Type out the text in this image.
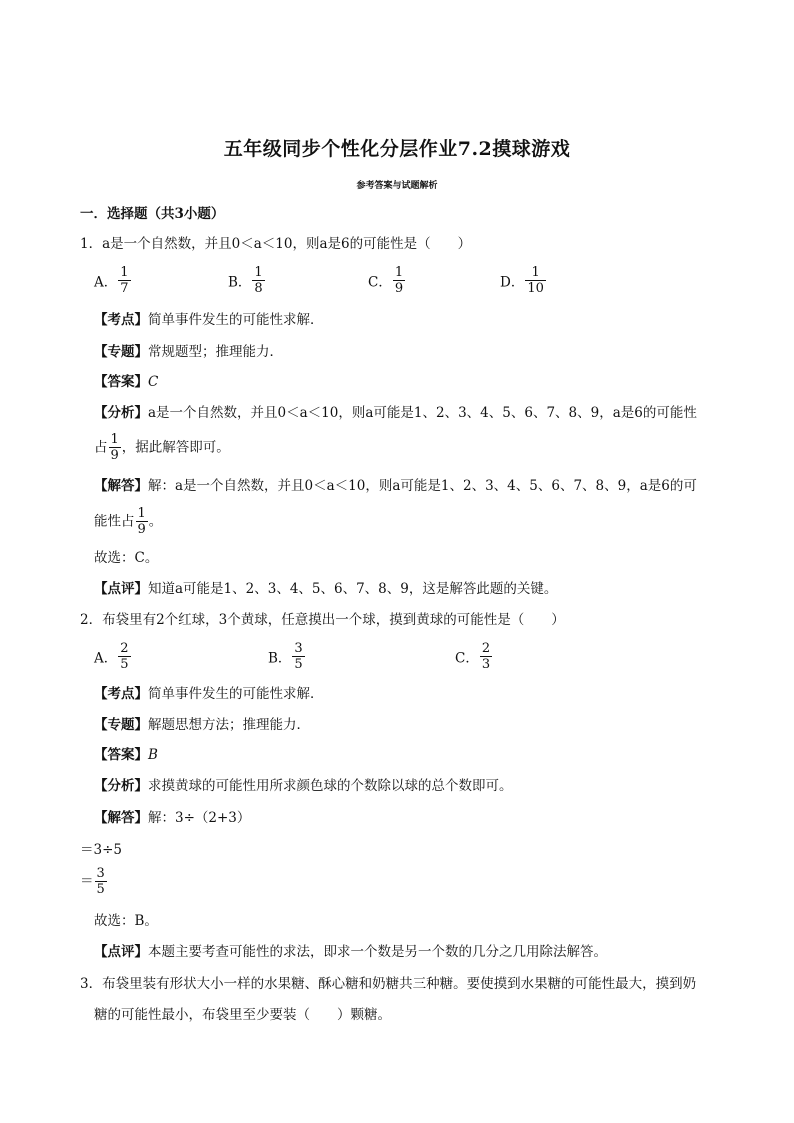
五年级同步个性化分层作业7.2摸球游戏
参考答案与试题解析
一．选择题（共3小题）
1．a是一个自然数，并且0＜a＜10，则a是6的可能性是（　　）
A． $\frac{1}{7}$	B． $\frac{1}{8}$	C． $\frac{1}{9}$	D． $\frac{1}{10}$
【考点】简单事件发生的可能性求解．
【专题】常规题型；推理能力．
【答案】C
【分析】a是一个自然数，并且0＜a＜10，则a可能是1、2、3、4、5、6、7、8、9，a是6的可能性
占 $\frac{1}{9}$ ，据此解答即可。
【解答】解：a是一个自然数，并且0＜a＜10，则a可能是1、2、3、4、5、6、7、8、9，a是6的可
能性占 $\frac{1}{9}$ 。
故选：C。
【点评】知道a可能是1、2、3、4、5、6、7、8、9，这是解答此题的关键。
2．布袋里有2个红球，3个黄球，任意摸出一个球，摸到黄球的可能性是（　　）
A． $\frac{2}{5}$	B． $\frac{3}{5}$	C． $\frac{2}{3}$
【考点】简单事件发生的可能性求解．
【专题】解题思想方法；推理能力．
【答案】B
【分析】求摸黄球的可能性用所求颜色球的个数除以球的总个数即可。
【解答】解：3÷（2+3）
＝3÷5
＝ $\frac{3}{5}$
故选：B。
【点评】本题主要考查可能性的求法，即求一个数是另一个数的几分之几用除法解答。
3．布袋里装有形状大小一样的水果糖、酥心糖和奶糖共三种糖。要使摸到水果糖的可能性最大，摸到奶
糖的可能性最小，布袋里至少要装（　　）颗糖。
